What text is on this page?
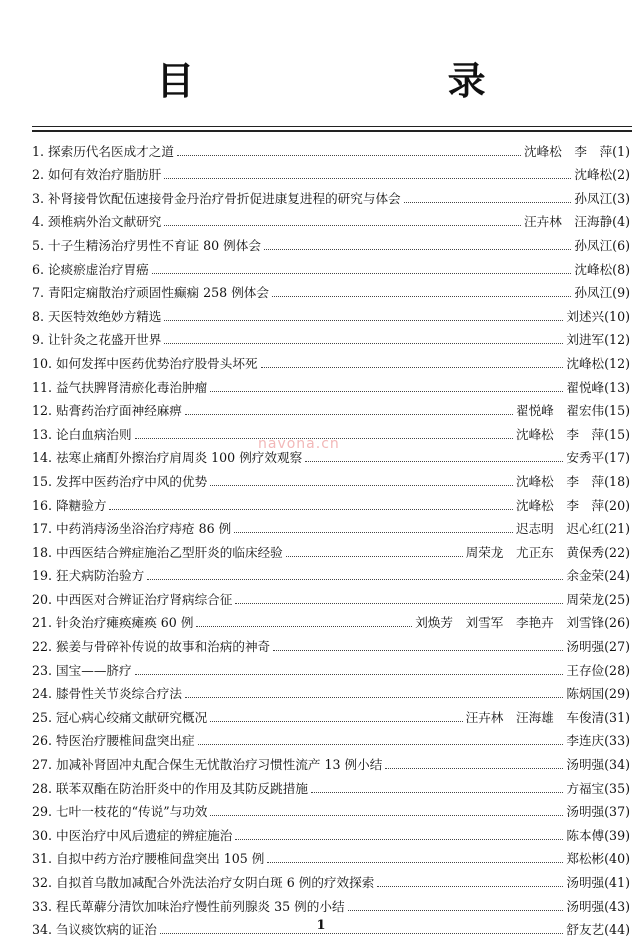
目 录
navona.cn
1. 探索历代名医成才之道	沈峰松　李　萍(1)
2. 如何有效治疗脂肪肝	沈峰松(2)
3. 补肾接骨饮配伍速接骨金丹治疗骨折促进康复进程的研究与体会	孙凤江(3)
4. 颈椎病外治文献研究	汪卉林　汪海静(4)
5. 十子生精汤治疗男性不育证 80 例体会	孙凤江(6)
6. 论痰瘀虚治疗胃癌	沈峰松(8)
7. 青阳定痫散治疗顽固性癫痫 258 例体会	孙凤江(9)
8. 天医特效绝妙方精选	刘述兴(10)
9. 让针灸之花盛开世界	刘进军(12)
10. 如何发挥中医药优势治疗股骨头坏死	沈峰松(12)
11. 益气扶脾肾清瘀化毒治肿瘤	翟悦峰(13)
12. 贴膏药治疗面神经麻痹	翟悦峰　翟宏伟(15)
13. 论白血病治则	沈峰松　李　萍(15)
14. 祛寒止痛酊外擦治疗肩周炎 100 例疗效观察	安秀平(17)
15. 发挥中医药治疗中风的优势	沈峰松　李　萍(18)
16. 降糖验方	沈峰松　李　萍(20)
17. 中药消痔汤坐浴治疗痔疮 86 例	迟志明　迟心红(21)
18. 中西医结合辨症施治乙型肝炎的临床经验	周荣龙　尤正东　黄保秀(22)
19. 狂犬病防治验方	余金荣(24)
20. 中西医对合辨证治疗肾病综合征	周荣龙(25)
21. 针灸治疗瘫痪瘫痪 60 例	刘焕芳　刘雪军　李艳卉　刘雪锋(26)
22. 猴姜与骨碎补传说的故事和治病的神奇	汤明强(27)
23. 国宝——脐疗	王存俭(28)
24. 膝骨性关节炎综合疗法	陈炳国(29)
25. 冠心病心绞痛文献研究概况	汪卉林　汪海雄　车俊清(31)
26. 特医治疗腰椎间盘突出症	李连庆(33)
27. 加减补肾固冲丸配合保生无忧散治疗习惯性流产 13 例小结	汤明强(34)
28. 联苯双酯在防治肝炎中的作用及其防反跳措施	方福宝(35)
29. 七叶一枝花的“传说”与功效	汤明强(37)
30. 中医治疗中风后遗症的辨症施治	陈本傅(39)
31. 自拟中药方治疗腰椎间盘突出 105 例	郑松彬(40)
32. 自拟首乌散加减配合外洗法治疗女阴白斑 6 例的疗效探索	汤明强(41)
33. 程氏萆薢分清饮加味治疗慢性前列腺炎 35 例的小结	汤明强(43)
34. 刍议痰饮病的证治	舒友艺(44)
1
